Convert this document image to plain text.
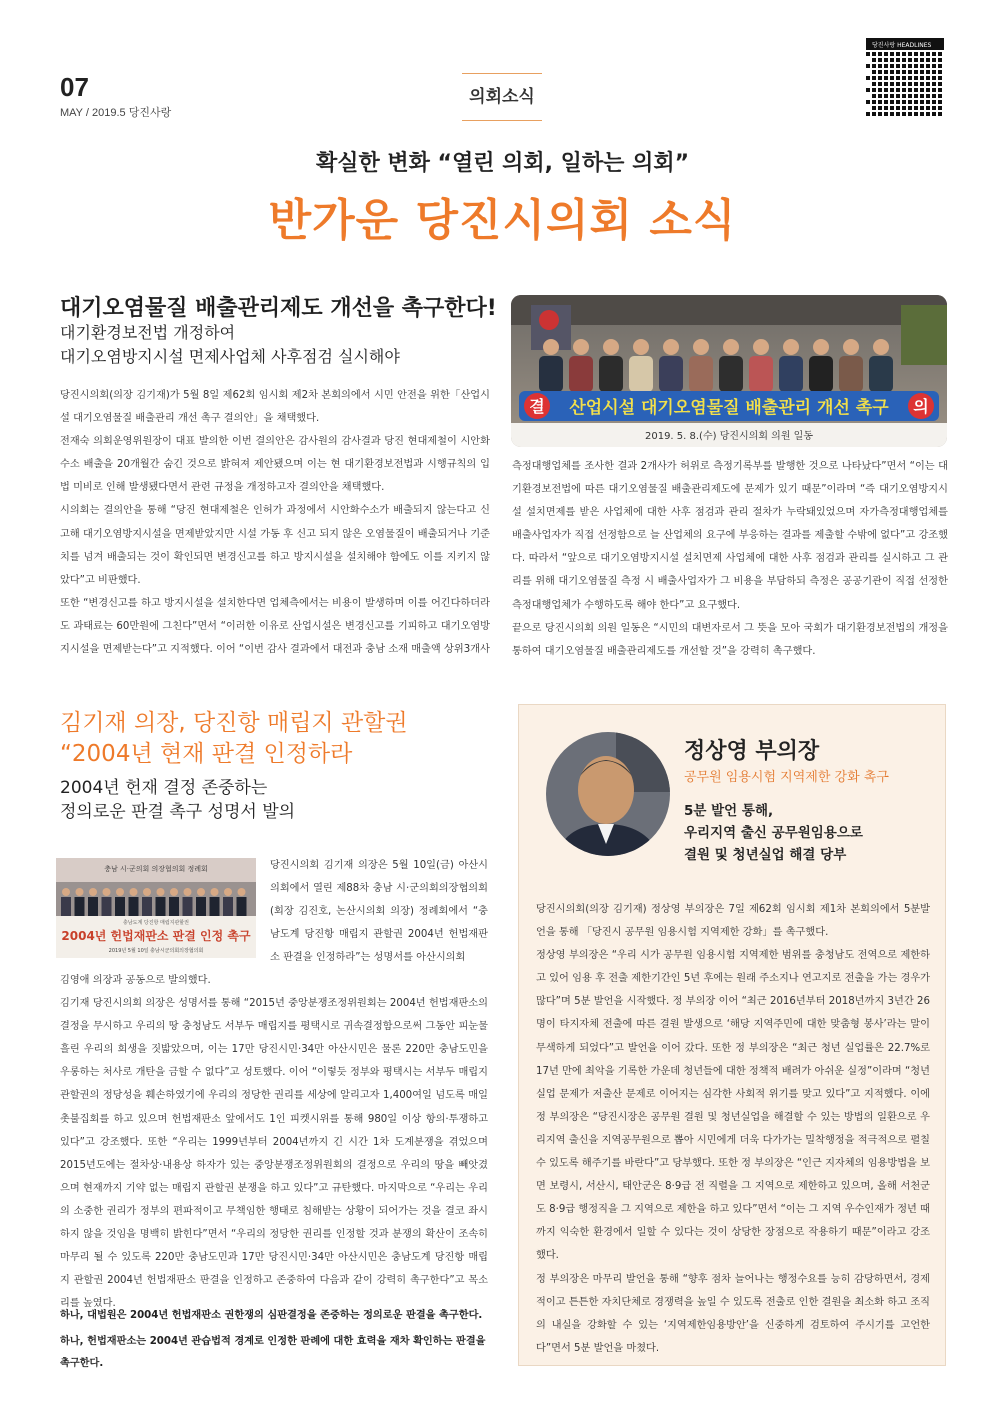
07
MAY / 2019.5 당진사랑
의회소식
당진사랑 HEADLINES
확실한 변화 “열린 의회, 일하는 의회”
반가운 당진시의회 소식
대기오염물질 배출관리제도 개선을 촉구한다!
대기환경보전법 개정하여
대기오염방지시설 면제사업체 사후점검 실시해야
결	의
산업시설 대기오염물질 배출관리 개선 촉구
2019. 5. 8.(수) 당진시의회 의원 일동
당진시의회(의장 김기재)가 5월 8일 제62회 임시회 제2차 본회의에서 시민 안전을 위한「산업시설 대기오염물질 배출관리 개선 촉구 결의안」을 채택했다.
전재숙 의회운영위원장이 대표 발의한 이번 결의안은 감사원의 감사결과 당진 현대제철이 시안화수소 배출을 20개월간 숨긴 것으로 밝혀져 제안됐으며 이는 현 대기환경보전법과 시행규칙의 입법 미비로 인해 발생됐다면서 관련 규정을 개정하고자 결의안을 채택했다.
시의회는 결의안을 통해 “당진 현대제철은 인허가 과정에서 시안화수소가 배출되지 않는다고 신고해 대기오염방지시설을 면제받았지만 시설 가동 후 신고 되지 않은 오염물질이 배출되거나 기준치를 넘겨 배출되는 것이 확인되면 변경신고를 하고 방지시설을 설치해야 함에도 이를 지키지 않았다”고 비판했다.
또한 “변경신고를 하고 방지시설을 설치한다면 업체측에서는 비용이 발생하며 이를 어긴다하더라도 과태료는 60만원에 그친다”면서 “이러한 이유로 산업시설은 변경신고를 기피하고 대기오염방지시설을 면제받는다”고 지적했다. 이어 “이번 감사 결과에서 대전과 충남 소재 매출액 상위3개사
측정대행업체를 조사한 결과 2개사가 허위로 측정기록부를 발행한 것으로 나타났다”면서 “이는 대기환경보전법에 따른 대기오염물질 배출관리제도에 문제가 있기 때문”이라며 “즉 대기오염방지시설 설치면제를 받은 사업체에 대한 사후 점검과 관리 절차가 누락돼있었으며 자가측정대행업체를 배출사업자가 직접 선정함으로 늘 산업체의 요구에 부응하는 결과를 제출할 수밖에 없다”고 강조했다. 따라서 “앞으로 대기오염방지시설 설치면제 사업체에 대한 사후 점검과 관리를 실시하고 그 관리를 위해 대기오염물질 측정 시 배출사업자가 그 비용을 부담하되 측정은 공공기관이 직접 선정한 측정대행업체가 수행하도록 해야 한다”고 요구했다.
끝으로 당진시의회 의원 일동은 “시민의 대변자로서 그 뜻을 모아 국회가 대기환경보전법의 개정을 통하여 대기오염물질 배출관리제도를 개선할 것”을 강력히 촉구했다.
김기재 의장, 당진항 매립지 관할권
“2004년 현재 판결 인정하라
2004년 헌재 결정 존중하는
정의로운 판결 촉구 성명서 발의
충남 시·군의회 의장협의회 정례회
충남도계 당진항 매립지관할권
2004년 헌법재판소 판결 인정 촉구
2019년 5월 10일 충남시군의회의장협의회
당진시의회 김기재 의장은 5월 10일(금) 아산시의회에서 열린 제88차 충남 시·군의회의장협의회(회장 김진호, 논산시의회 의장) 정례회에서 “충남도계 당진항 매립지 관할권 2004년 헌법재판소 판결을 인정하라”는 성명서를 아산시의회
김영애 의장과 공동으로 발의했다.
김기재 당진시의회 의장은 성명서를 통해 “2015년 중앙분쟁조정위원회는 2004년 헌법재판소의 결정을 무시하고 우리의 땅 충청남도 서부두 매립지를 평택시로 귀속결정함으로써 그동안 피눈물 흘린 우리의 희생을 짓밟았으며, 이는 17만 당진시민·34만 아산시민은 물론 220만 충남도민을 우롱하는 처사로 개탄을 금할 수 없다”고 성토했다. 이어 “이렇듯 정부와 평택시는 서부두 매립지 관할권의 정당성을 훼손하였기에 우리의 정당한 권리를 세상에 알리고자 1,400여일 넘도록 매일 촛불집회를 하고 있으며 헌법재판소 앞에서도 1인 피켓시위를 통해 980일 이상 항의·투쟁하고 있다”고 강조했다. 또한 “우리는 1999년부터 2004년까지 긴 시간 1차 도계분쟁을 겪었으며 2015년도에는 절차상·내용상 하자가 있는 중앙분쟁조정위원회의 결정으로 우리의 땅을 빼앗겼으며 현재까지 기약 없는 매립지 관할권 분쟁을 하고 있다”고 규탄했다. 마지막으로 “우리는 우리의 소중한 권리가 정부의 편파적이고 무책임한 행태로 침해받는 상황이 되어가는 것을 결코 좌시 하지 않을 것임을 명백히 밝힌다”면서 “우리의 정당한 권리를 인정할 것과 분쟁의 확산이 조속히 마무리 될 수 있도록 220만 충남도민과 17만 당진시민·34만 아산시민은 충남도계 당진항 매립지 관할권 2004년 헌법재판소 판결을 인정하고 존중하여 다음과 같이 강력히 촉구한다”고 목소리를 높였다.
하나, 대법원은 2004년 헌법재판소 권한쟁의 심판결정을 존중하는 정의로운 판결을 촉구한다.
하나, 헌법재판소는 2004년 관습법적 경계로 인정한 판례에 대한 효력을 재차 확인하는 판결을 촉구한다.
정상영 부의장
공무원 임용시험 지역제한 강화 촉구
5분 발언 통해,
우리지역 출신 공무원임용으로
결원 및 청년실업 해결 당부
당진시의회(의장 김기재) 정상영 부의장은 7일 제62회 임시회 제1차 본회의에서 5분발언을 통해 「당진시 공무원 임용시험 지역제한 강화」를 촉구했다.
정상영 부의장은 “우리 시가 공무원 임용시험 지역제한 범위를 충청남도 전역으로 제한하고 있어 임용 후 전출 제한기간인 5년 후에는 원래 주소지나 연고지로 전출을 가는 경우가 많다”며 5분 발언을 시작했다. 정 부의장 이어 “최근 2016년부터 2018년까지 3년간 26명이 타지자체 전출에 따른 결원 발생으로 ‘해당 지역주민에 대한 맞춤형 봉사’라는 말이 무색하게 되었다”고 발언을 이어 갔다. 또한 정 부의장은 “최근 청년 실업률은 22.7%로 17년 만에 최악을 기록한 가운데 청년들에 대한 정책적 배려가 아쉬운 실정”이라며 “청년실업 문제가 저출산 문제로 이어지는 심각한 사회적 위기를 맞고 있다”고 지적했다. 이에 정 부의장은 “당진시장은 공무원 결원 및 청년실업을 해결할 수 있는 방법의 일환으로 우리지역 출신을 지역공무원으로 뽑아 시민에게 더욱 다가가는 밀착행정을 적극적으로 펼칠 수 있도록 해주기를 바란다”고 당부했다. 또한 정 부의장은 “인근 지자체의 임용방법을 보면 보령시, 서산시, 태안군은 8·9급 전 직렬을 그 지역으로 제한하고 있으며, 올해 서천군도 8·9급 행정직을 그 지역으로 제한을 하고 있다”면서 “이는 그 지역 우수인재가 정년 때까지 익숙한 환경에서 일할 수 있다는 것이 상당한 장점으로 작용하기 때문”이라고 강조했다.
정 부의장은 마무리 발언을 통해 “향후 점차 늘어나는 행정수요를 능히 감당하면서, 경제적이고 튼튼한 자치단체로 경쟁력을 높일 수 있도록 전출로 인한 결원을 최소화 하고 조직의 내실을 강화할 수 있는 ‘지역제한임용방안’을 신중하게 검토하여 주시기를 고언한다”면서 5분 발언을 마쳤다.
